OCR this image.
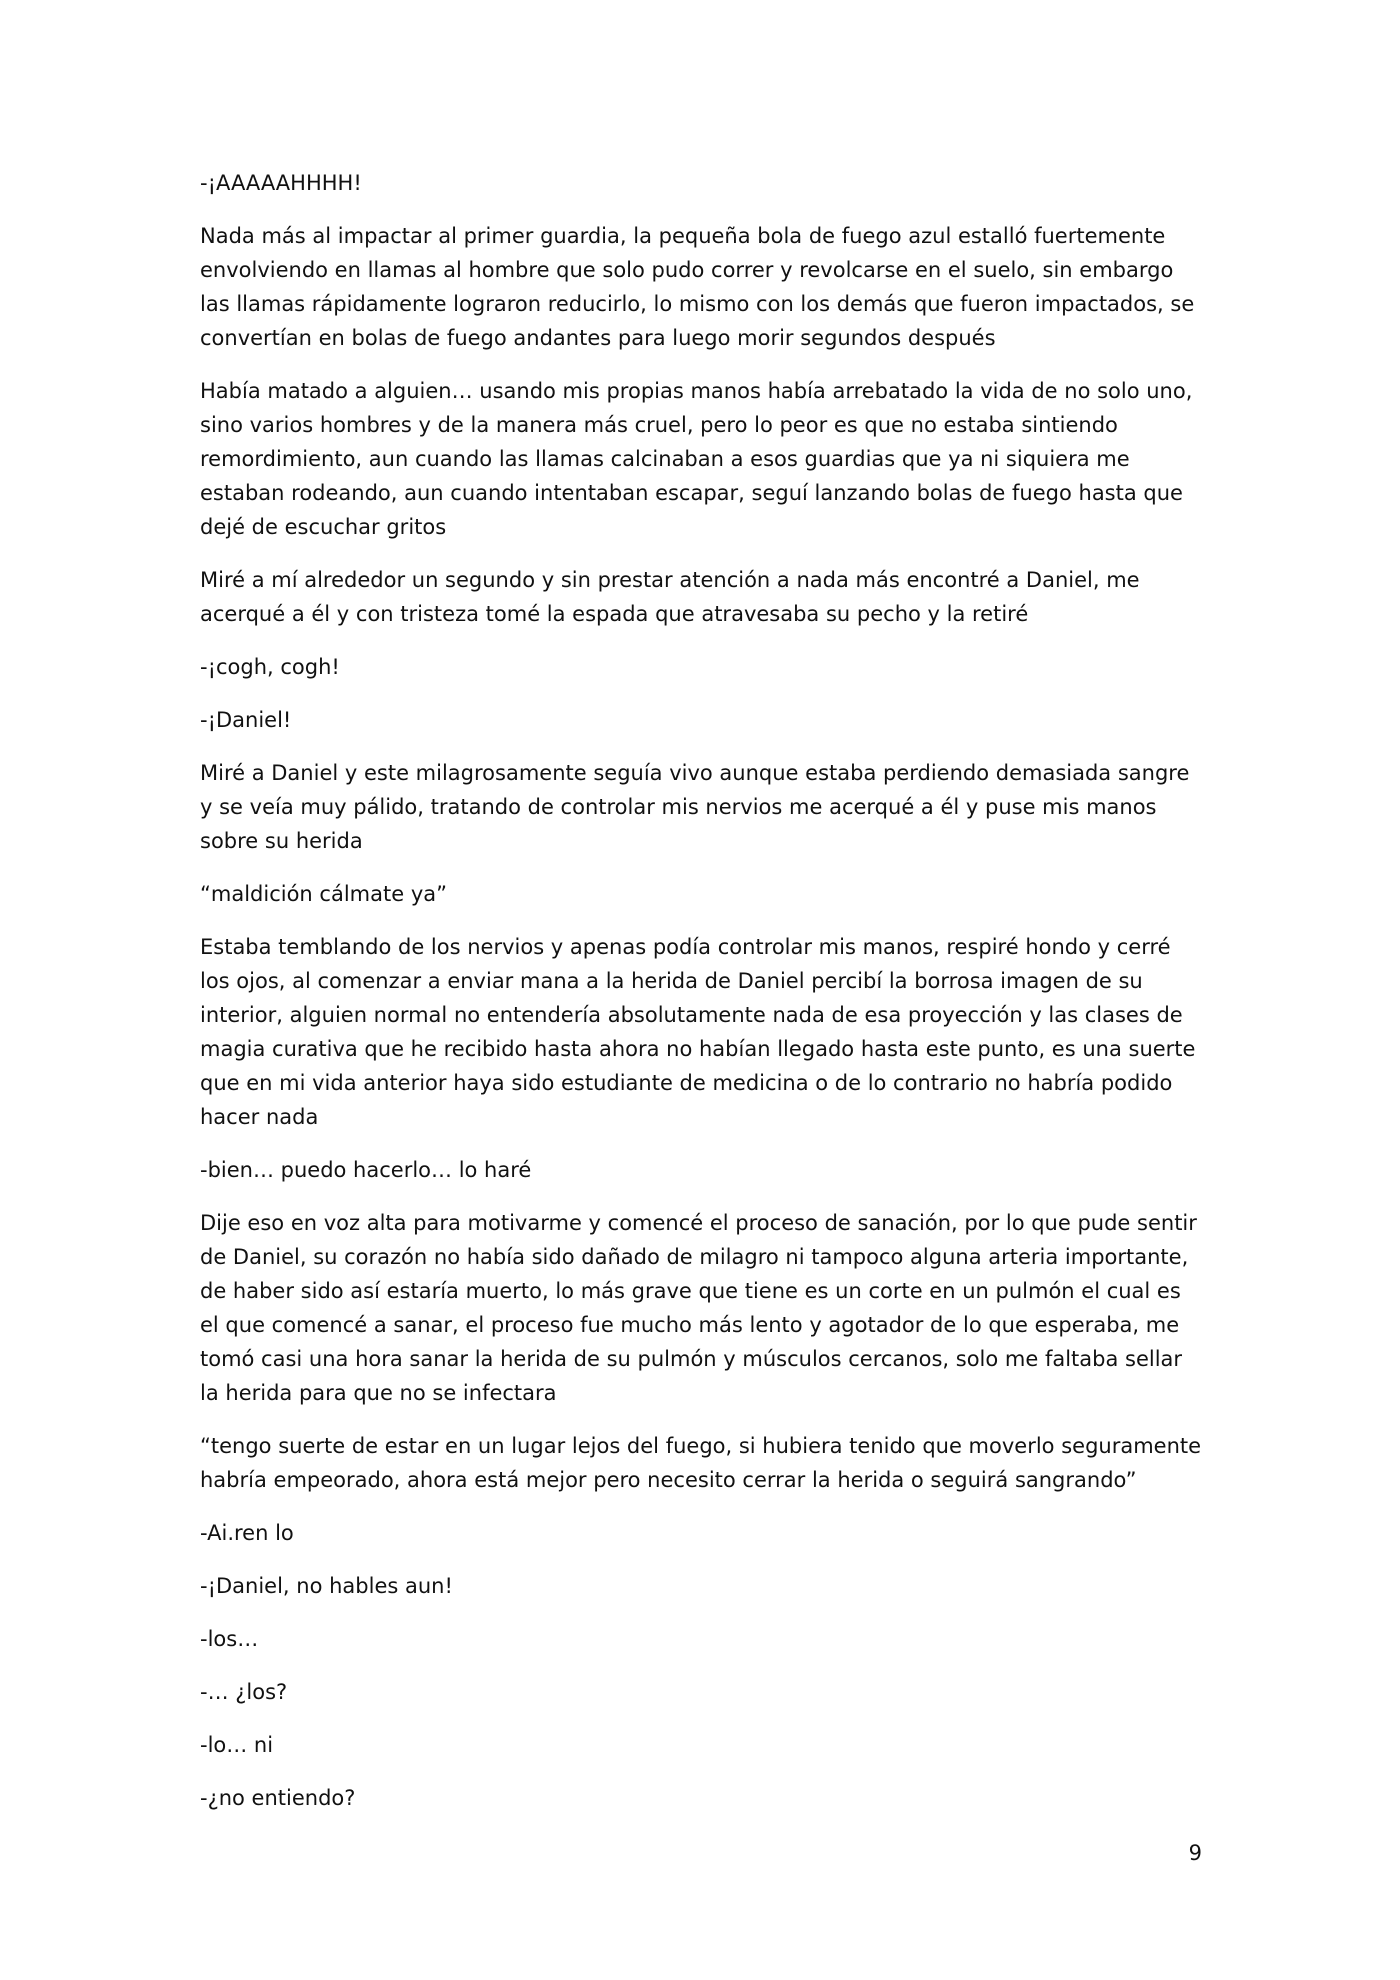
-¡AAAAAHHHH!

Nada más al impactar al primer guardia, la pequeña bola de fuego azul estalló fuertemente envolviendo en llamas al hombre que solo pudo correr y revolcarse en el suelo, sin embargo las llamas rápidamente lograron reducirlo, lo mismo con los demás que fueron impactados, se convertían en bolas de fuego andantes para luego morir segundos después

Había matado a alguien… usando mis propias manos había arrebatado la vida de no solo uno, sino varios hombres y de la manera más cruel, pero lo peor es que no estaba sintiendo remordimiento, aun cuando las llamas calcinaban a esos guardias que ya ni siquiera me estaban rodeando, aun cuando intentaban escapar, seguí lanzando bolas de fuego hasta que dejé de escuchar gritos

Miré a mí alrededor un segundo y sin prestar atención a nada más encontré a Daniel, me acerqué a él y con tristeza tomé la espada que atravesaba su pecho y la retiré

-¡cogh, cogh!

-¡Daniel!

Miré a Daniel y este milagrosamente seguía vivo aunque estaba perdiendo demasiada sangre y se veía muy pálido, tratando de controlar mis nervios me acerqué a él y puse mis manos sobre su herida

“maldición cálmate ya”

Estaba temblando de los nervios y apenas podía controlar mis manos, respiré hondo y cerré los ojos, al comenzar a enviar mana a la herida de Daniel percibí la borrosa imagen de su interior, alguien normal no entendería absolutamente nada de esa proyección y las clases de magia curativa que he recibido hasta ahora no habían llegado hasta este punto, es una suerte que en mi vida anterior haya sido estudiante de medicina o de lo contrario no habría podido hacer nada

-bien… puedo hacerlo… lo haré

Dije eso en voz alta para motivarme y comencé el proceso de sanación, por lo que pude sentir de Daniel, su corazón no había sido dañado de milagro ni tampoco alguna arteria importante, de haber sido así estaría muerto, lo más grave que tiene es un corte en un pulmón el cual es el que comencé a sanar, el proceso fue mucho más lento y agotador de lo que esperaba, me tomó casi una hora sanar la herida de su pulmón y músculos cercanos, solo me faltaba sellar la herida para que no se infectara

“tengo suerte de estar en un lugar lejos del fuego, si hubiera tenido que moverlo seguramente habría empeorado, ahora está mejor pero necesito cerrar la herida o seguirá sangrando”

-Ai.ren lo

-¡Daniel, no hables aun!

-los…

-… ¿los?

-lo… ni

-¿no entiendo?

9
